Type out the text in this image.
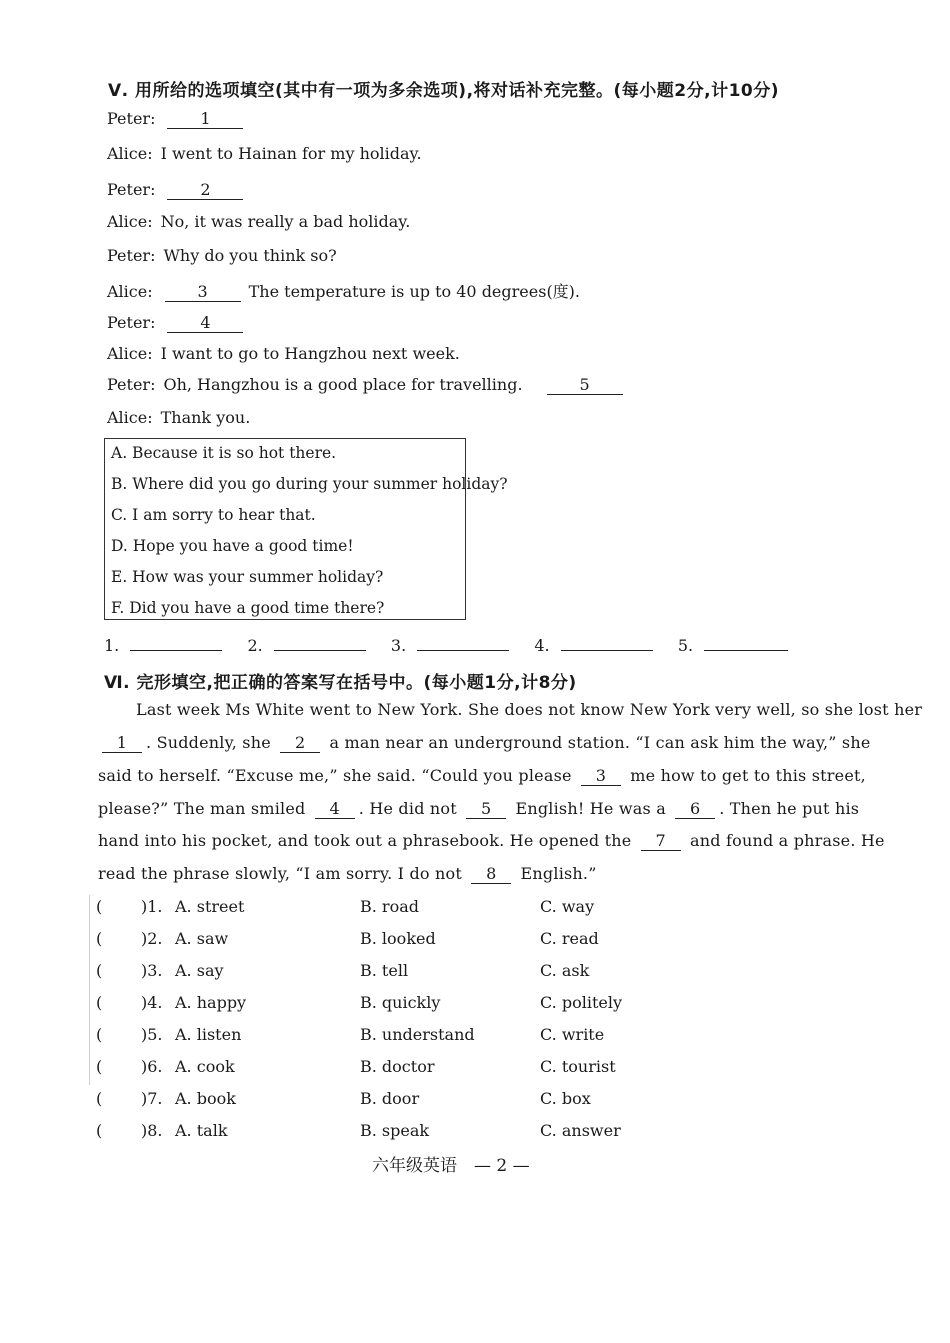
Ⅴ. 用所给的选项填空(其中有一项为多余选项),将对话补充完整。(每小题2分,计10分)
Peter:	1
Alice: I went to Hainan for my holiday.
Peter:	2
Alice: No, it was really a bad holiday.
Peter: Why do you think so?
Alice:	3	The temperature is up to 40 degrees(度).
Peter:	4
Alice: I want to go to Hangzhou next week.
Peter: Oh, Hangzhou is a good place for travelling.	5
Alice: Thank you.
A. Because it is so hot there.
B. Where did you go during your summer holiday?
C. I am sorry to hear that.
D. Hope you have a good time!
E. How was your summer holiday?
F. Did you have a good time there?
1.	2.	3.	4.	5.
Ⅵ. 完形填空,把正确的答案写在括号中。(每小题1分,计8分)
Last week Ms White went to New York. She does not know New York very well, so she lost her
1 . Suddenly, she 2 a man near an underground station. “I can ask him the way,” she
said to herself. “Excuse me,” she said. “Could you please 3 me how to get to this street,
please?” The man smiled 4 . He did not 5 English! He was a 6 . Then he put his
hand into his pocket, and took out a phrasebook. He opened the 7 and found a phrase. He
read the phrase slowly, “I am sorry. I do not 8 English.”
( )1. A. street	B. road	C. way
( )2. A. saw	B. looked	C. read
( )3. A. say	B. tell	C. ask
( )4. A. happy	B. quickly	C. politely
( )5. A. listen	B. understand	C. write
( )6. A. cook	B. doctor	C. tourist
( )7. A. book	B. door	C. box
( )8. A. talk	B. speak	C. answer
六年级英语　— 2 —
